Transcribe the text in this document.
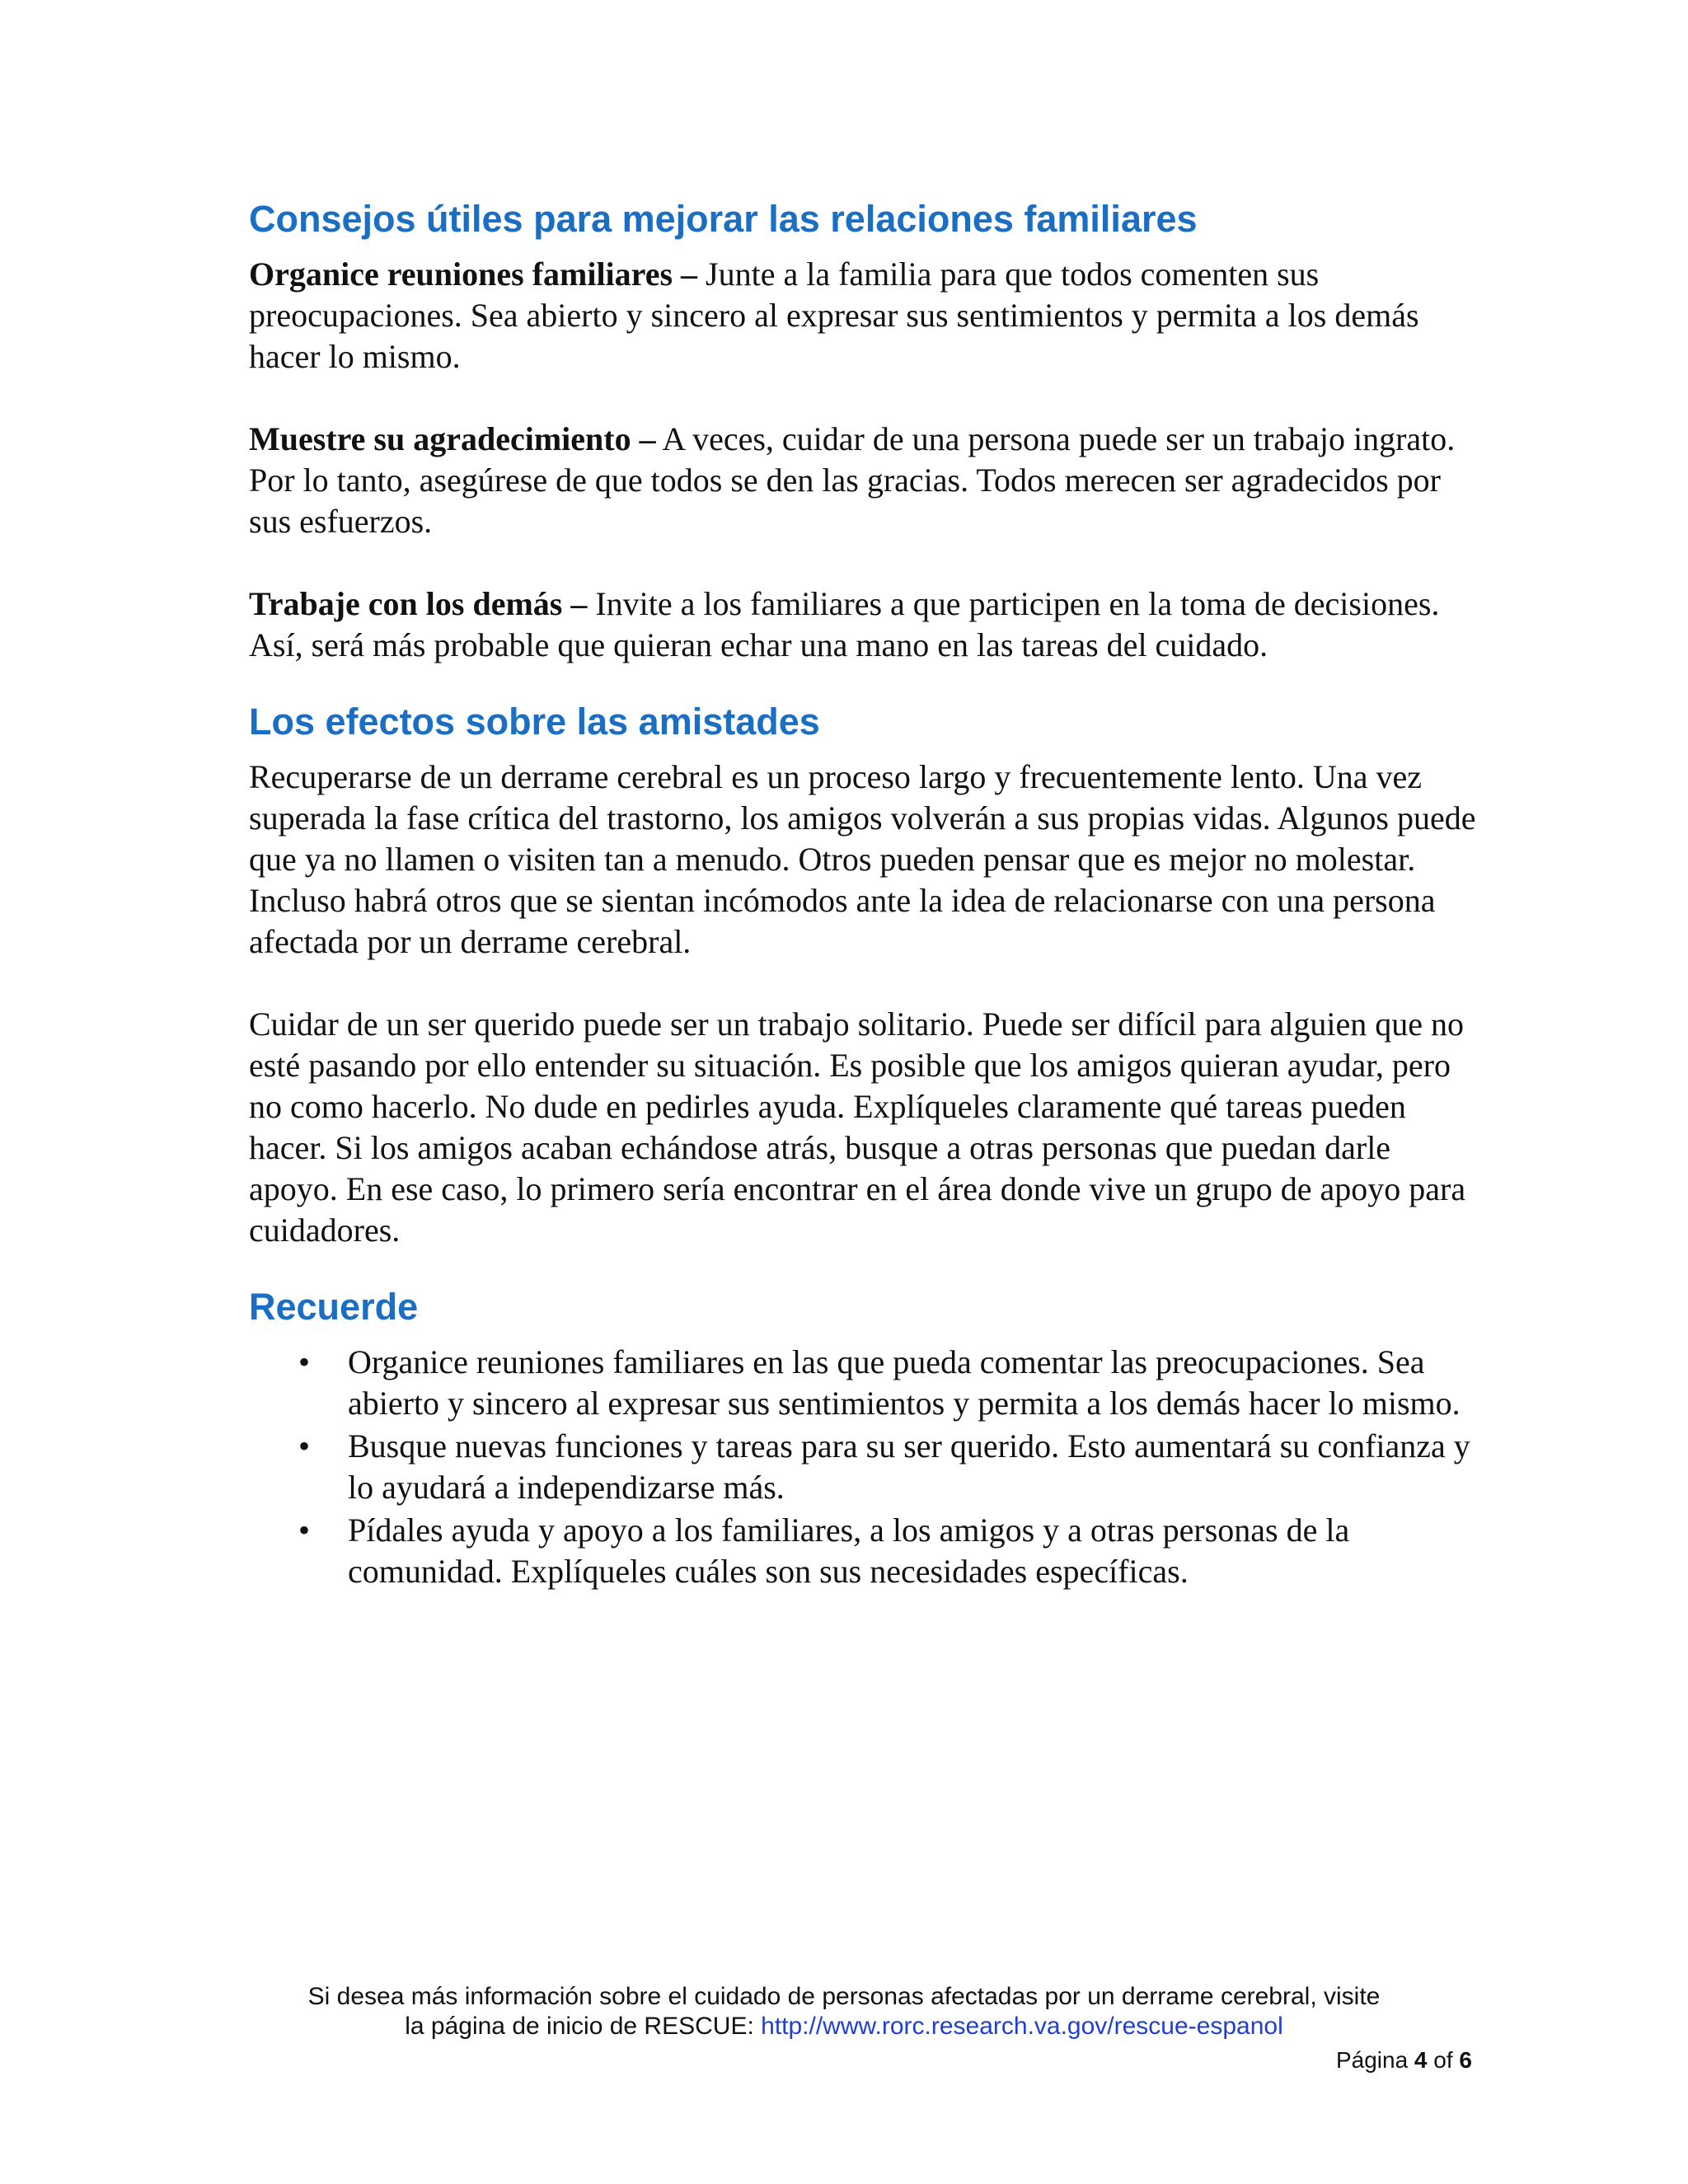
Consejos útiles para mejorar las relaciones familiares

Organice reuniones familiares – Junte a la familia para que todos comenten sus preocupaciones. Sea abierto y sincero al expresar sus sentimientos y permita a los demás hacer lo mismo.

Muestre su agradecimiento – A veces, cuidar de una persona puede ser un trabajo ingrato. Por lo tanto, asegúrese de que todos se den las gracias. Todos merecen ser agradecidos por sus esfuerzos.

Trabaje con los demás – Invite a los familiares a que participen en la toma de decisiones. Así, será más probable que quieran echar una mano en las tareas del cuidado.

Los efectos sobre las amistades

Recuperarse de un derrame cerebral es un proceso largo y frecuentemente lento. Una vez superada la fase crítica del trastorno, los amigos volverán a sus propias vidas. Algunos puede que ya no llamen o visiten tan a menudo. Otros pueden pensar que es mejor no molestar. Incluso habrá otros que se sientan incómodos ante la idea de relacionarse con una persona afectada por un derrame cerebral.

Cuidar de un ser querido puede ser un trabajo solitario. Puede ser difícil para alguien que no esté pasando por ello entender su situación. Es posible que los amigos quieran ayudar, pero no como hacerlo. No dude en pedirles ayuda. Explíqueles claramente qué tareas pueden hacer. Si los amigos acaban echándose atrás, busque a otras personas que puedan darle apoyo. En ese caso, lo primero sería encontrar en el área donde vive un grupo de apoyo para cuidadores.

Recuerde
• Organice reuniones familiares en las que pueda comentar las preocupaciones. Sea abierto y sincero al expresar sus sentimientos y permita a los demás hacer lo mismo.
• Busque nuevas funciones y tareas para su ser querido. Esto aumentará su confianza y lo ayudará a independizarse más.
• Pídales ayuda y apoyo a los familiares, a los amigos y a otras personas de la comunidad. Explíqueles cuáles son sus necesidades específicas.
Si desea más información sobre el cuidado de personas afectadas por un derrame cerebral, visite
la página de inicio de RESCUE: http://www.rorc.research.va.gov/rescue-espanol
Página 4 of 6
